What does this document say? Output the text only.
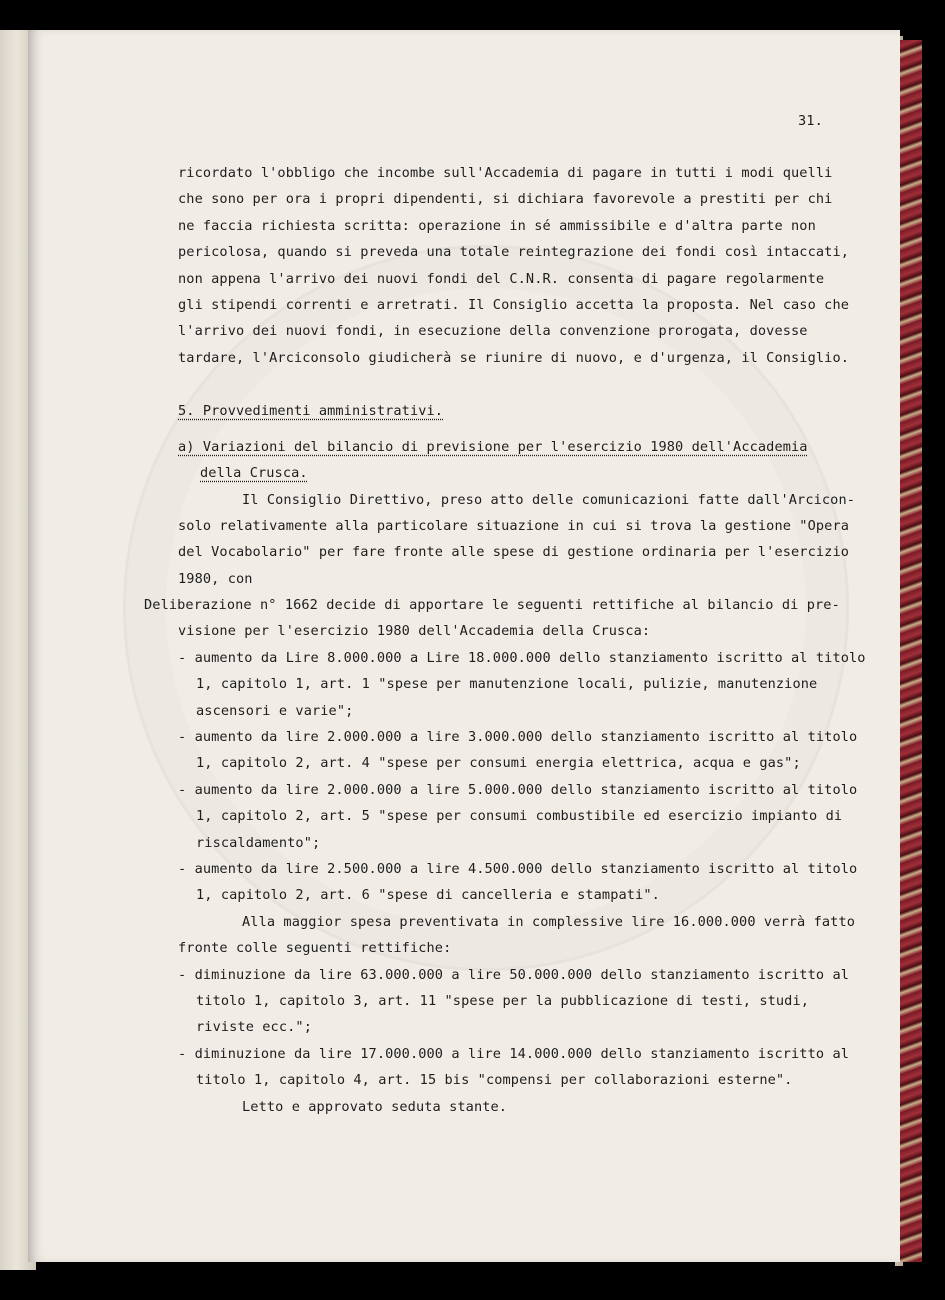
31.
ricordato l'obbligo che incombe sull'Accademia di pagare in tutti i modi quelli
che sono per ora i propri dipendenti, si dichiara favorevole a prestiti per chi
ne faccia richiesta scritta: operazione in sé ammissibile e d'altra parte non
pericolosa, quando si preveda una totale reintegrazione dei fondi così intaccati,
non appena l'arrivo dei nuovi fondi del C.N.R. consenta di pagare regolarmente
gli stipendi correnti e arretrati. Il Consiglio accetta la proposta. Nel caso che
l'arrivo dei nuovi fondi, in esecuzione della convenzione prorogata, dovesse
tardare, l'Arciconsolo giudicherà se riunire di nuovo, e d'urgenza, il Consiglio.
5. Provvedimenti amministrativi.
a) Variazioni del bilancio di previsione per l'esercizio 1980 dell'Accademia
della Crusca.
Il Consiglio Direttivo, preso atto delle comunicazioni fatte dall'Arcicon-
solo relativamente alla particolare situazione in cui si trova la gestione "Opera
del Vocabolario" per fare fronte alle spese di gestione ordinaria per l'esercizio
1980, con
Deliberazione n° 1662 decide di apportare le seguenti rettifiche al bilancio di pre-
visione per l'esercizio 1980 dell'Accademia della Crusca:
- aumento da Lire 8.000.000 a Lire 18.000.000 dello stanziamento iscritto al titolo
1, capitolo 1, art. 1 "spese per manutenzione locali, pulizie, manutenzione
ascensori e varie";
- aumento da lire 2.000.000 a lire 3.000.000 dello stanziamento iscritto al titolo
1, capitolo 2, art. 4 "spese per consumi energia elettrica, acqua e gas";
- aumento da lire 2.000.000 a lire 5.000.000 dello stanziamento iscritto al titolo
1, capitolo 2, art. 5 "spese per consumi combustibile ed esercizio impianto di
riscaldamento";
- aumento da lire 2.500.000 a lire 4.500.000 dello stanziamento iscritto al titolo
1, capitolo 2, art. 6 "spese di cancelleria e stampati".
Alla maggior spesa preventivata in complessive lire 16.000.000 verrà fatto
fronte colle seguenti rettifiche:
- diminuzione da lire 63.000.000 a lire 50.000.000 dello stanziamento iscritto al
titolo 1, capitolo 3, art. 11 "spese per la pubblicazione di testi, studi,
riviste ecc.";
- diminuzione da lire 17.000.000 a lire 14.000.000 dello stanziamento iscritto al
titolo 1, capitolo 4, art. 15 bis "compensi per collaborazioni esterne".
Letto e approvato seduta stante.
